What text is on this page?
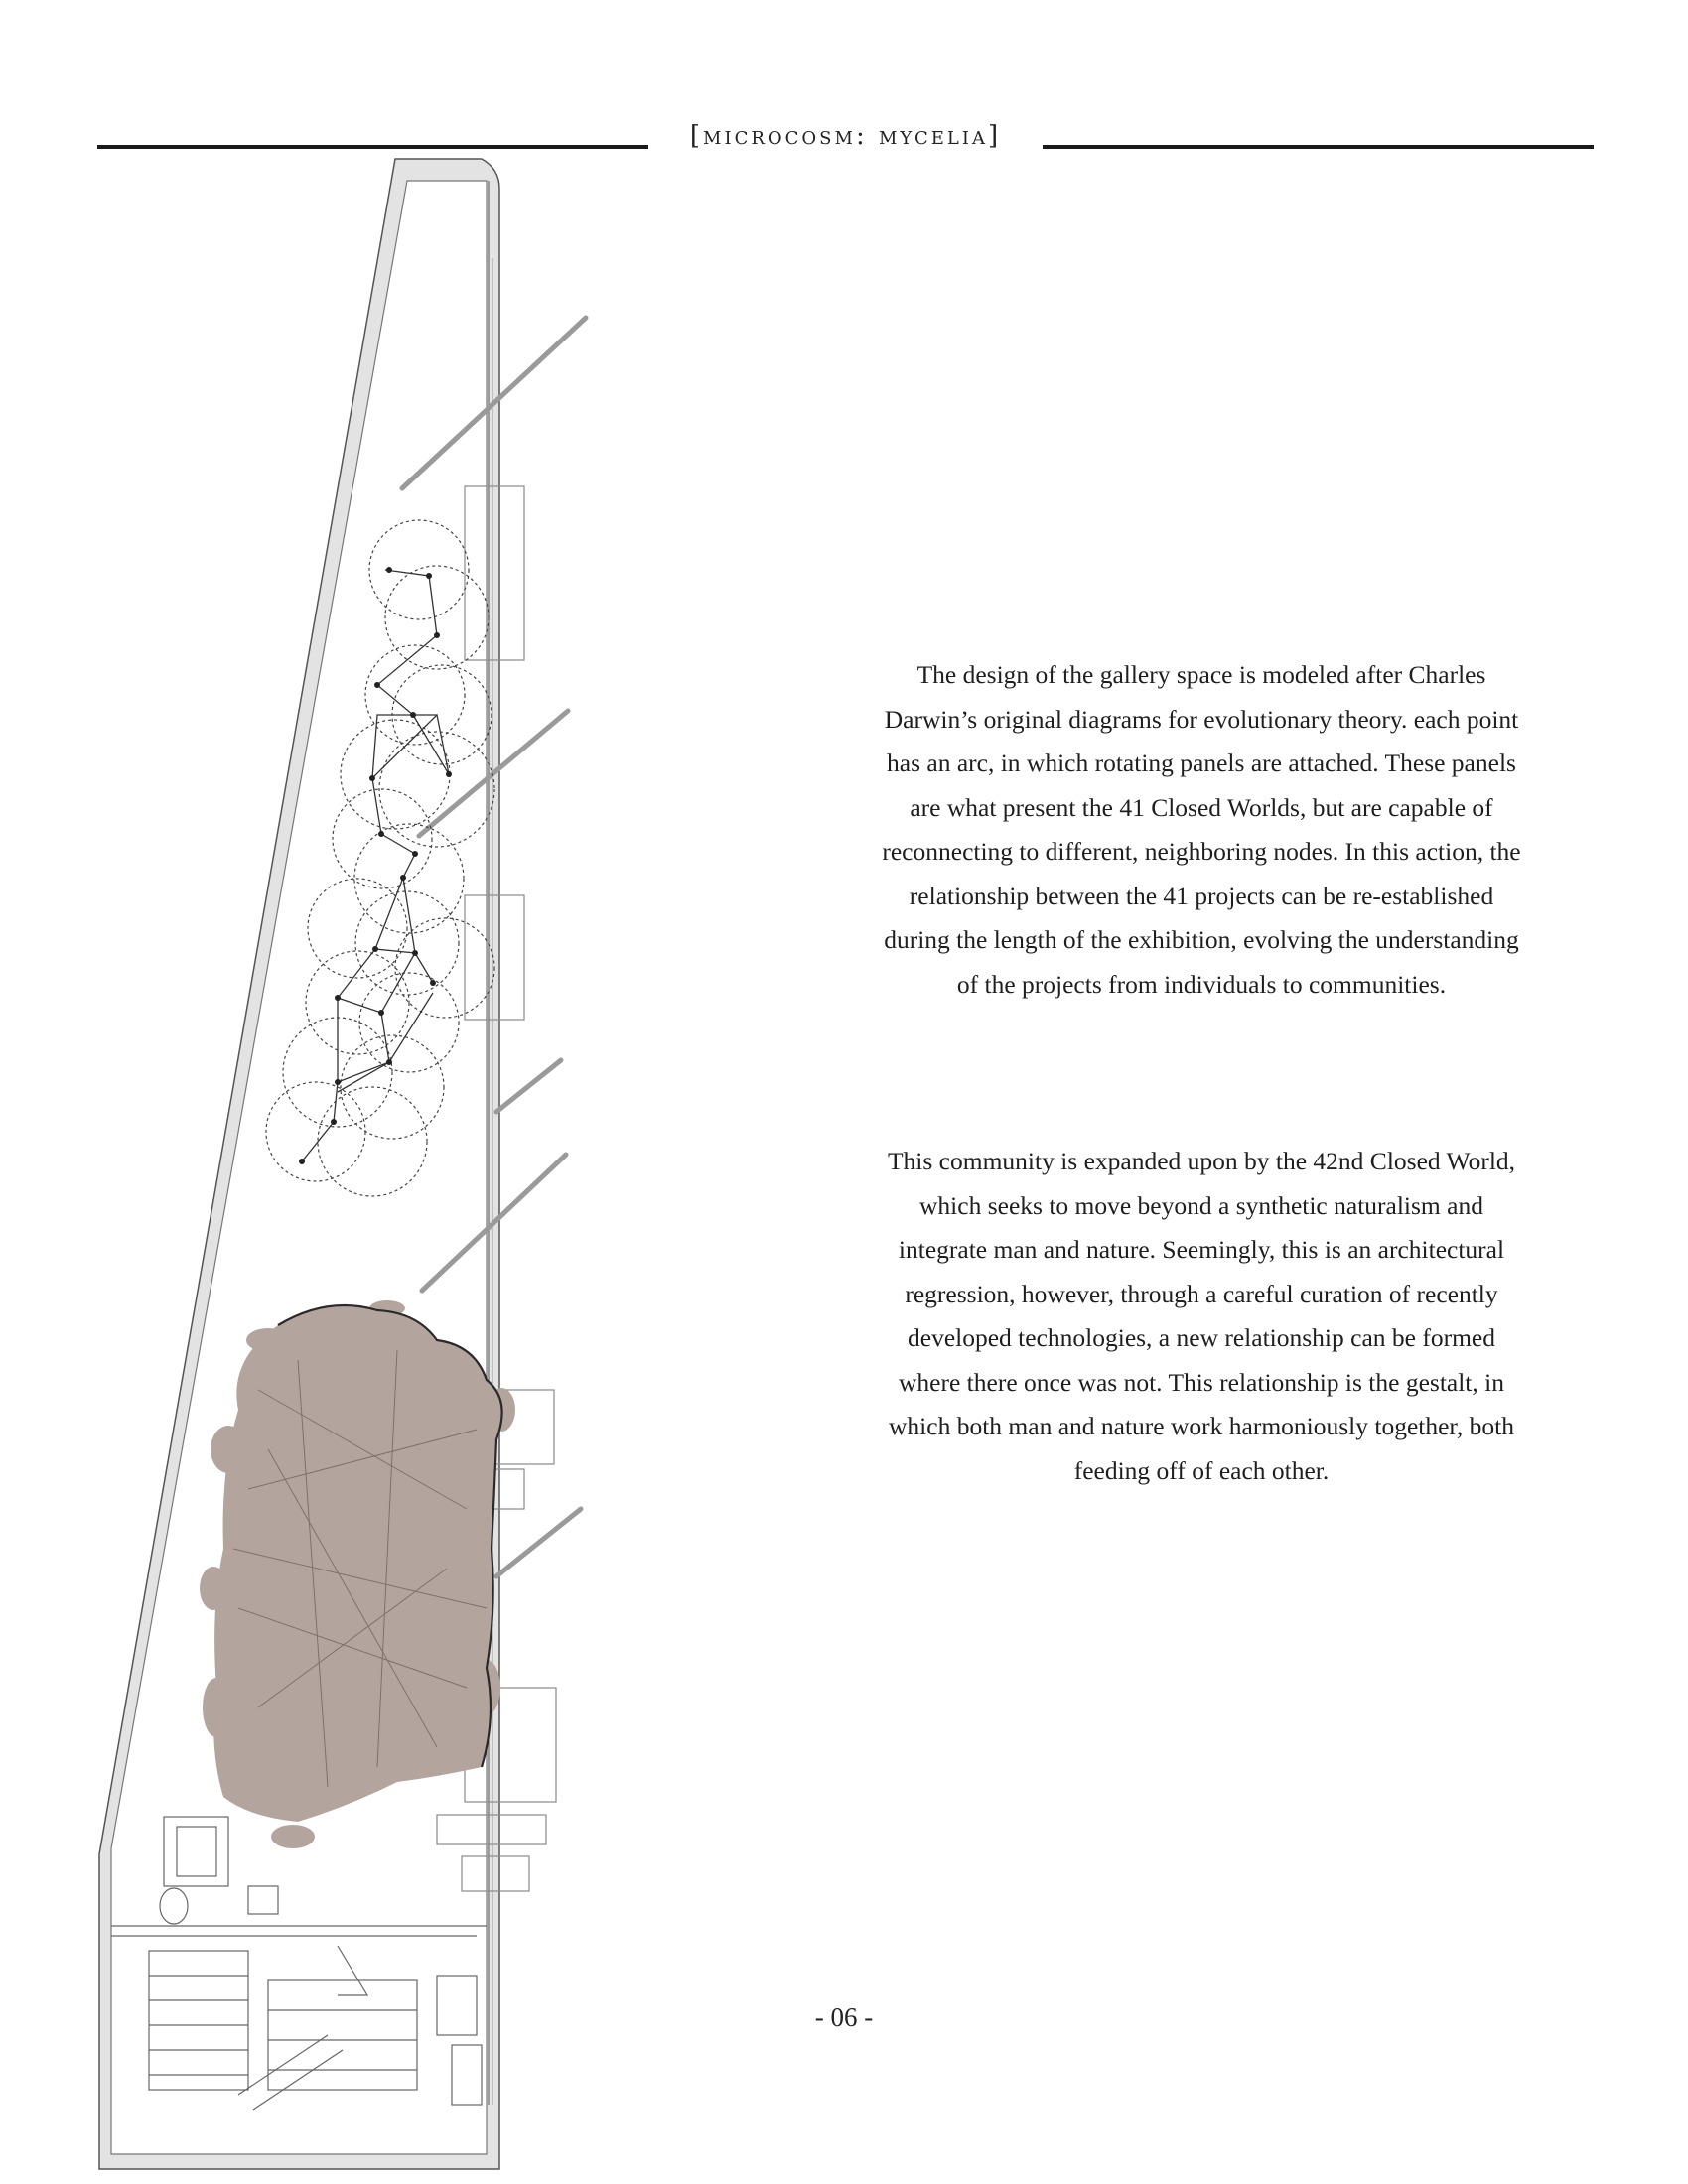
[microcosm: mycelia]

The design of the gallery space is modeled after Charles Darwin’s original diagrams for evolutionary theory. each point has an arc, in which rotating panels are attached. These panels are what present the 41 Closed Worlds, but are capable of reconnecting to different, neighboring nodes. In this action, the relationship between the 41 projects can be re-established during the length of the exhibition, evolving the understanding of the projects from individuals to communities.

This community is expanded upon by the 42nd Closed World, which seeks to move beyond a synthetic naturalism and integrate man and nature. Seemingly, this is an architectural regression, however, through a careful curation of recently developed technologies, a new relationship can be formed where there once was not. This relationship is the gestalt, in which both man and nature work harmoniously together, both feeding off of each other.

- 06 -
